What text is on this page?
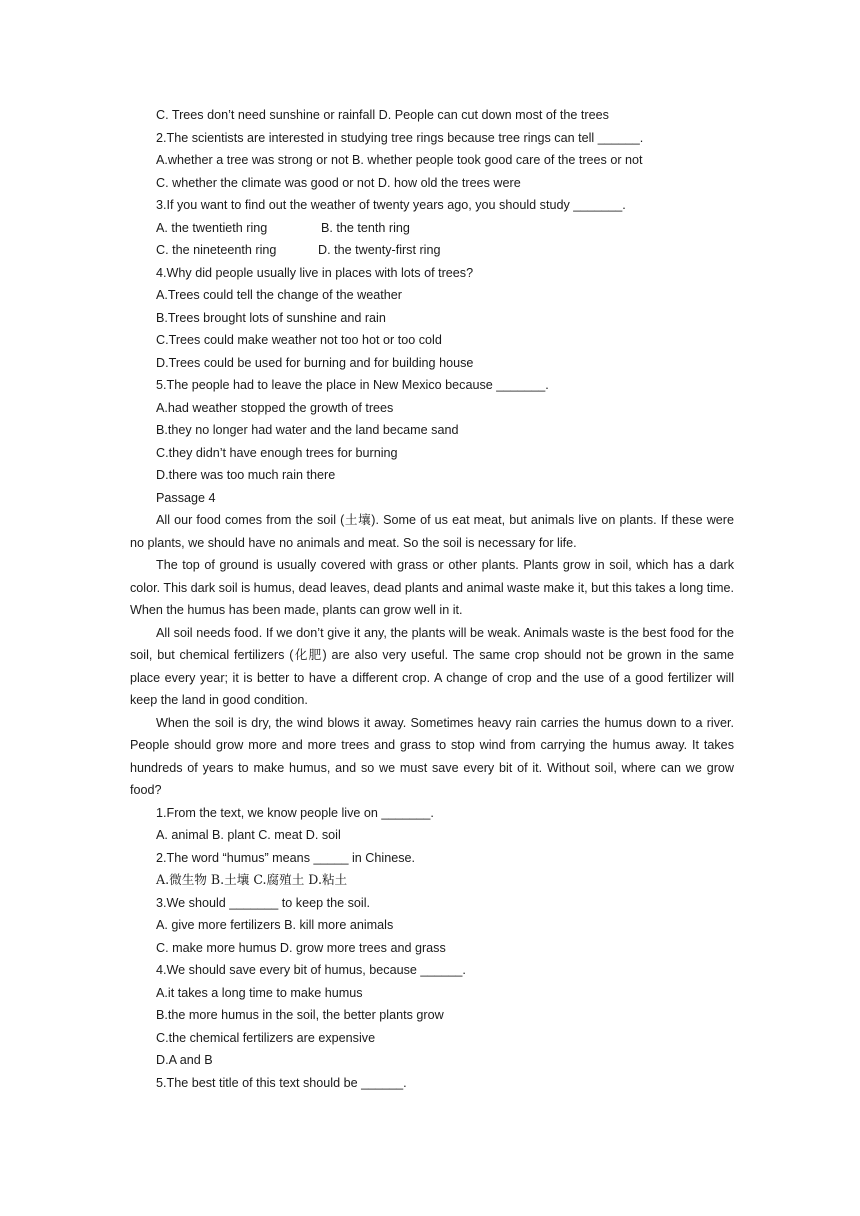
C. Trees don’t need sunshine or rainfall D. People can cut down most of the trees
2.The scientists are interested in studying tree rings because tree rings can tell ______.
A.whether a tree was strong or not B. whether people took good care of the trees or not
C. whether the climate was good or not D. how old the trees were
3.If you want to find out the weather of twenty years ago, you should study _______.
A. the twentieth ring	B. the tenth ring
C. the nineteenth ring	D. the twenty-first ring
4.Why did people usually live in places with lots of trees?
A.Trees could tell the change of the weather
B.Trees brought lots of sunshine and rain
C.Trees could make weather not too hot or too cold
D.Trees could be used for burning and for building house
5.The people had to leave the place in New Mexico because _______.
A.had weather stopped the growth of trees
B.they no longer had water and the land became sand
C.they didn’t have enough trees for burning
D.there was too much rain there
Passage 4
All our food comes from the soil (土壤). Some of us eat meat, but animals live on plants. If these were no plants, we should have no animals and meat. So the soil is necessary for life.
The top of ground is usually covered with grass or other plants. Plants grow in soil, which has a dark color. This dark soil is humus, dead leaves, dead plants and animal waste make it, but this takes a long time. When the humus has been made, plants can grow well in it.
All soil needs food. If we don’t give it any, the plants will be weak. Animals waste is the best food for the soil, but chemical fertilizers (化肥) are also very useful. The same crop should not be grown in the same place every year; it is better to have a different crop. A change of crop and the use of a good fertilizer will keep the land in good condition.
When the soil is dry, the wind blows it away. Sometimes heavy rain carries the humus down to a river. People should grow more and more trees and grass to stop wind from carrying the humus away. It takes hundreds of years to make humus, and so we must save every bit of it. Without soil, where can we grow food?
1.From the text, we know people live on _______.
A. animal B. plant C. meat D. soil
2.The word “humus” means _____ in Chinese.
A.微生物 B.土壤 C.腐殖土 D.粘土
3.We should _______ to keep the soil.
A. give more fertilizers B. kill more animals
C. make more humus D. grow more trees and grass
4.We should save every bit of humus, because ______.
A.it takes a long time to make humus
B.the more humus in the soil, the better plants grow
C.the chemical fertilizers are expensive
D.A and B
5.The best title of this text should be ______.
